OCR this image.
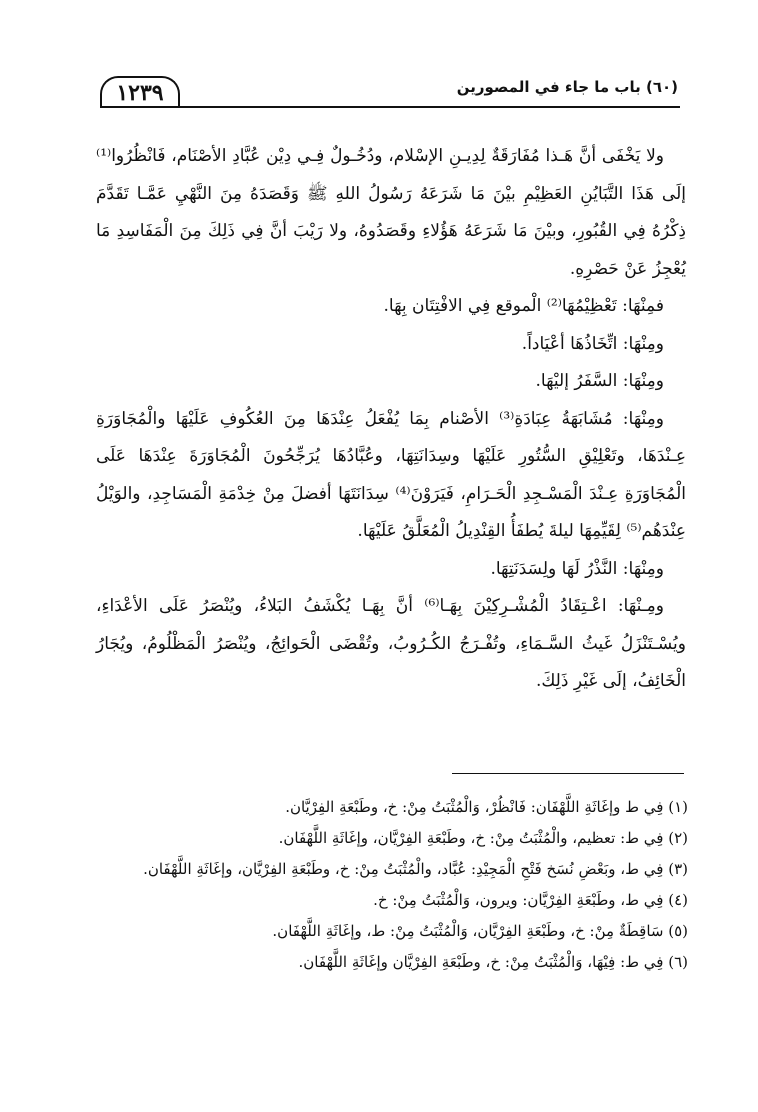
١٢٣٩	(٦٠) باب ما جاء في المصورين

ولا يَخْفَى أنَّ هَـذا مُفَارَقَةٌ لِدِيـنِ الإسْلام، ودُخُـولٌ فِـي دِيْن عُبَّادِ الأصْنَام، فَانْظُرُوا⁽¹⁾ إلَى هَذَا التَّبَايُنِ العَظِيْمِ بيْنَ مَا شَرَعَهُ رَسُولُ اللهِ ﷺ وَقَصَدَهُ مِنَ النَّهْيِ عَمَّـا تَقَدَّمَ ذِكْرُهُ فِي القُبُورِ، وبيْنَ مَا شَرَعَهُ هَؤُلاءِ وقَصَدُوهُ، ولا رَيْبَ أنَّ فِي ذَلِكَ مِنَ الْمَفَاسِدِ مَا يُعْجِزُ عَنْ حَصْرِهِ.

فمِنْهَا: تَعْظِيْمُهَا⁽²⁾ الْموقع فِي الافْتِتَان بِهَا.

ومِنْهَا: اتِّخَاذُهَا أعْيَاداً.

ومِنْهَا: السَّفَرُ إليْهَا.

ومِنْهَا: مُشَابَهَةُ عِبَادَةِ⁽³⁾ الأصْنام بِمَا يُفْعَلُ عِنْدَهَا مِنَ العُكُوفِ عَلَيْهَا والْمُجَاوَرَةِ عِـنْدَهَا، وتَعْلِيْقِ السُّتُورِ عَلَيْهَا وسِدَانَتِهَا، وعُبَّادُهَا يُرَجِّحُونَ الْمُجَاوَرَةَ عِنْدَهَا عَلَى الْمُجَاوَرَةِ عِـنْدَ الْمَسْـجِدِ الْحَـرَامِ، فَيَرَوْنَ⁽⁴⁾ سِدَانَتَهَا أفضلَ مِنْ خِدْمَةِ الْمَسَاجِدِ، والوَيْلُ عِنْدَهُم⁽⁵⁾ لِقَيِّمِهَا ليلةَ يُطفَأُ القِنْدِيلُ الْمُعَلَّقُ عَلَيْهَا.

ومِنْهَا: النَّذْرُ لَهَا ولِسَدَنَتِهَا.

ومِـنْهَا: اعْـتِقَادُ الْمُشْـرِكِيْنَ بِهَـا⁽⁶⁾ أنَّ بِهَـا يُكْشَفُ البَلاءُ، ويُنْصَرُ عَلَى الأعْدَاءِ، ويُسْـتَنْزَلُ غَيثُ السَّـمَاءِ، وتُفْـرَجُ الكُـرُوبُ، وتُقْضَى الْحَوائِجُ، ويُنْصَرُ الْمَظْلُومُ، ويُجَارُ الْخَائِفُ، إلَى غَيْرِ ذَلِكَ.

(١) فِي ط وإغَاثَةِ اللَّهْفَان: فَانْظُرْ، وَالْمُثْبَتُ مِنْ: خ، وطَبْعَةِ الفِرْيَّان.

(٢) فِي ط: تعظيم، والْمُثْبَتُ مِنْ: خ، وطَبْعَةِ الفِرْيَّان، وإغَاثَةِ اللَّهْفَان.

(٣) فِي ط، وبَعْضِ نُسَخ فَتْحِ الْمَجِيْدِ: عُبَّاد، والْمُثْبَتُ مِنْ: خ، وطَبْعَةِ الفِرْيَّان، وإغَاثَةِ اللَّهْفَان.

(٤) فِي ط، وطَبْعَةِ الفِرْيَّان: ويرون، وَالْمُثْبَتُ مِنْ: خ.

(٥) سَاقِطَةٌ مِنْ: خ، وطَبْعَةِ الفِرْيَّان، وَالْمُثْبَتُ مِنْ: ط، وإغَاثَةِ اللَّهْفَان.

(٦) فِي ط: فِيْهَا، وَالْمُثْبَتُ مِنْ: خ، وطَبْعَةِ الفِرْيَّان وإغَاثَةِ اللَّهْفَان.
